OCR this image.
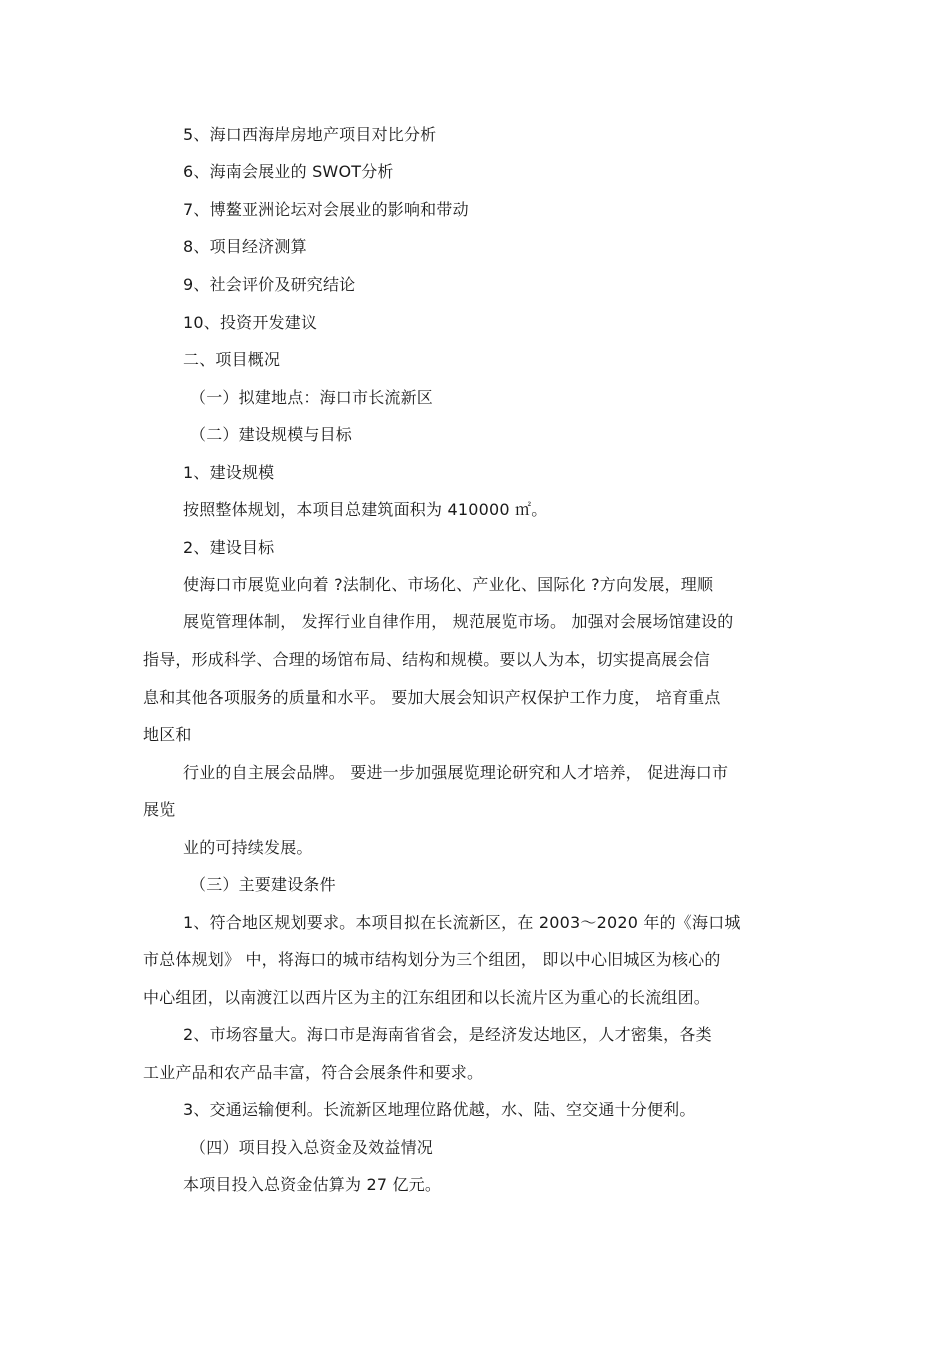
5、海口西海岸房地产项目对比分析
6、海南会展业的 SWOT分析
7、博鳌亚洲论坛对会展业的影响和带动
8、项目经济测算
9、社会评价及研究结论
10、投资开发建议
二、项目概况
（一）拟建地点：海口市长流新区
（二）建设规模与目标
1、建设规模
按照整体规划，本项目总建筑面积为 410000 ㎡。
2、建设目标
使海口市展览业向着 ?法制化、市场化、产业化、国际化 ?方向发展，理顺
展览管理体制， 发挥行业自律作用， 规范展览市场。 加强对会展场馆建设的
指导，形成科学、合理的场馆布局、结构和规模。要以人为本，切实提高展会信
息和其他各项服务的质量和水平。 要加大展会知识产权保护工作力度， 培育重点
地区和
行业的自主展会品牌。 要进一步加强展览理论研究和人才培养， 促进海口市
展览
业的可持续发展。
（三）主要建设条件
1、符合地区规划要求。本项目拟在长流新区，在 2003～2020 年的《海口城
市总体规划》 中，将海口的城市结构划分为三个组团， 即以中心旧城区为核心的
中心组团，以南渡江以西片区为主的江东组团和以长流片区为重心的长流组团。
2、市场容量大。海口市是海南省省会，是经济发达地区，人才密集，各类
工业产品和农产品丰富，符合会展条件和要求。
3、交通运输便利。长流新区地理位路优越，水、陆、空交通十分便利。
（四）项目投入总资金及效益情况
本项目投入总资金估算为 27 亿元。
